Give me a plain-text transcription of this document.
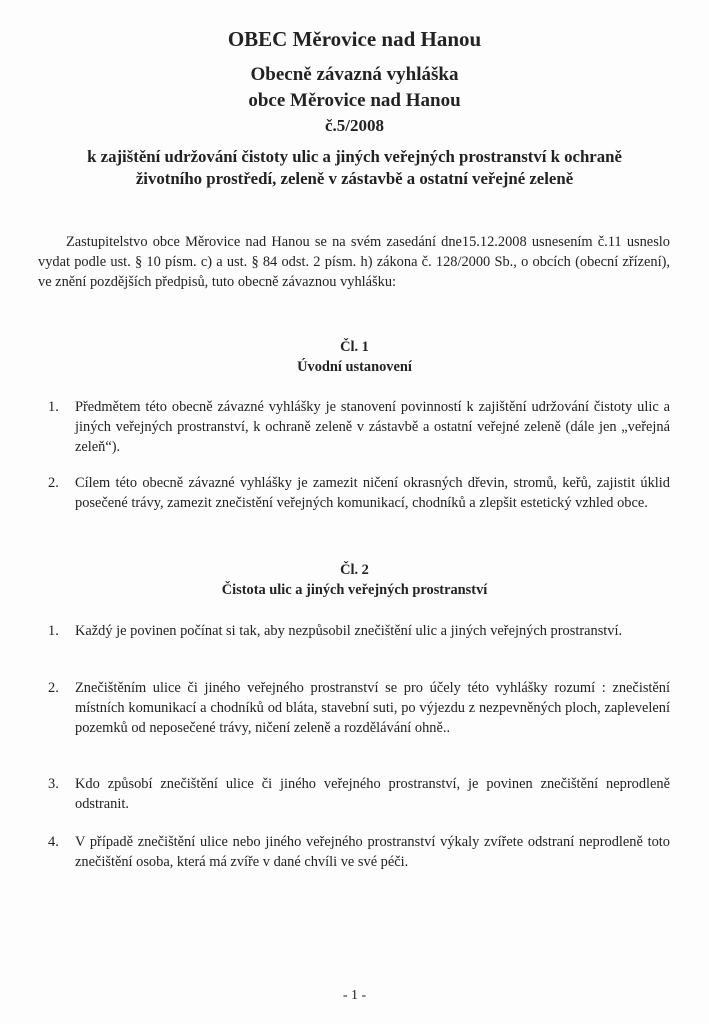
OBEC Měrovice nad Hanou
Obecně závazná vyhláška
obce Měrovice nad Hanou
č.5/2008
k zajištění udržování čistoty ulic a jiných veřejných prostranství k ochraně
životního prostředí, zeleně v zástavbě a ostatní veřejné zeleně
Zastupitelstvo obce Měrovice nad Hanou se na svém zasedání dne15.12.2008 usnesením č.11 usneslo vydat podle ust. § 10 písm. c) a ust. § 84 odst. 2 písm. h) zákona č. 128/2000 Sb., o obcích (obecní zřízení), ve znění pozdějších předpisů, tuto obecně závaznou vyhlášku:
Čl. 1
Úvodní ustanovení
1. Předmětem této obecně závazné vyhlášky je stanovení povinností k zajištění udržování čistoty ulic a jiných veřejných prostranství, k ochraně zeleně v zástavbě a ostatní veřejné zeleně (dále jen „veřejná zeleň“).
2. Cílem této obecně závazné vyhlášky je zamezit ničení okrasných dřevin, stromů, keřů, zajistit úklid posečené trávy, zamezit znečistění veřejných komunikací, chodníků a zlepšit estetický vzhled obce.
Čl. 2
Čistota ulic a jiných veřejných prostranství
1. Každý je povinen počínat si tak, aby nezpůsobil znečištění ulic a jiných veřejných prostranství.
2. Znečištěním ulice či jiného veřejného prostranství se pro účely této vyhlášky rozumí : znečistění místních komunikací a chodníků od bláta, stavební suti, po výjezdu z nezpevněných ploch, zaplevelení pozemků od neposečené trávy, ničení zeleně a rozdělávání ohně..
3. Kdo způsobí znečištění ulice či jiného veřejného prostranství, je povinen znečištění neprodleně odstranit.
4. V případě znečištění ulice nebo jiného veřejného prostranství výkaly zvířete odstraní neprodleně toto znečištění osoba, která má zvíře v dané chvíli ve své péči.
- 1 -
